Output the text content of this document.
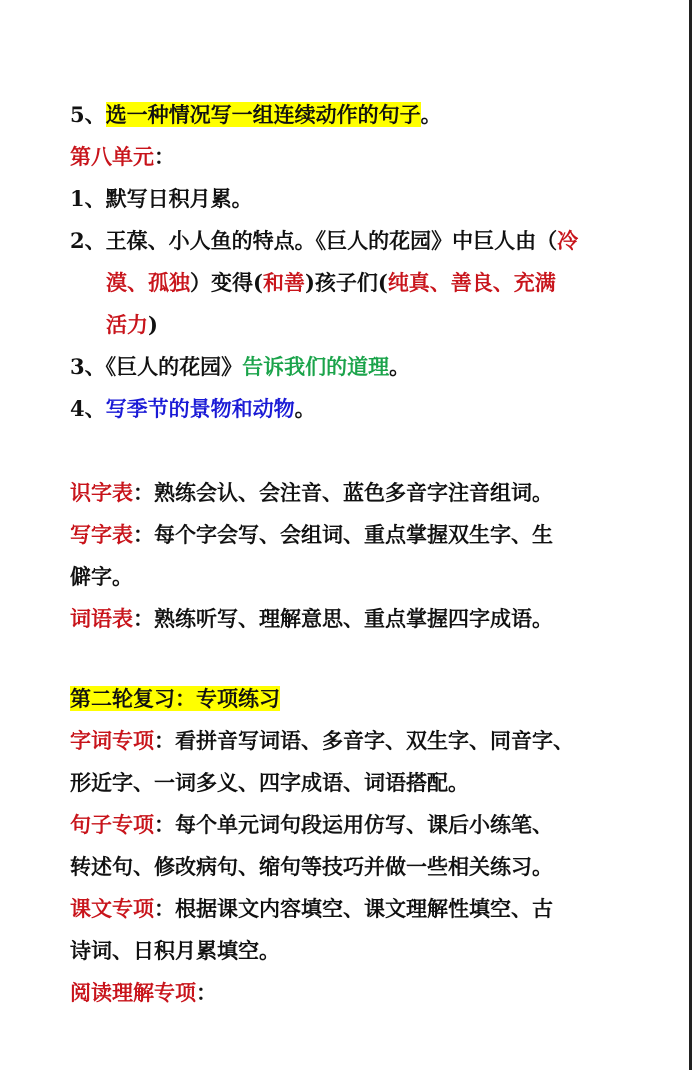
5、选一种情况写一组连续动作的句子。
第八单元：
1、默写日积月累。
2、王葆、小人鱼的特点。《巨人的花园》中巨人由（冷
漠、孤独）变得(和善)孩子们(纯真、善良、充满
活力)
3、《巨人的花园》告诉我们的道理。
4、写季节的景物和动物。
识字表：熟练会认、会注音、蓝色多音字注音组词。
写字表：每个字会写、会组词、重点掌握双生字、生
僻字。
词语表：熟练听写、理解意思、重点掌握四字成语。
第二轮复习：专项练习
字词专项：看拼音写词语、多音字、双生字、同音字、
形近字、一词多义、四字成语、词语搭配。
句子专项：每个单元词句段运用仿写、课后小练笔、
转述句、修改病句、缩句等技巧并做一些相关练习。
课文专项：根据课文内容填空、课文理解性填空、古
诗词、日积月累填空。
阅读理解专项：
